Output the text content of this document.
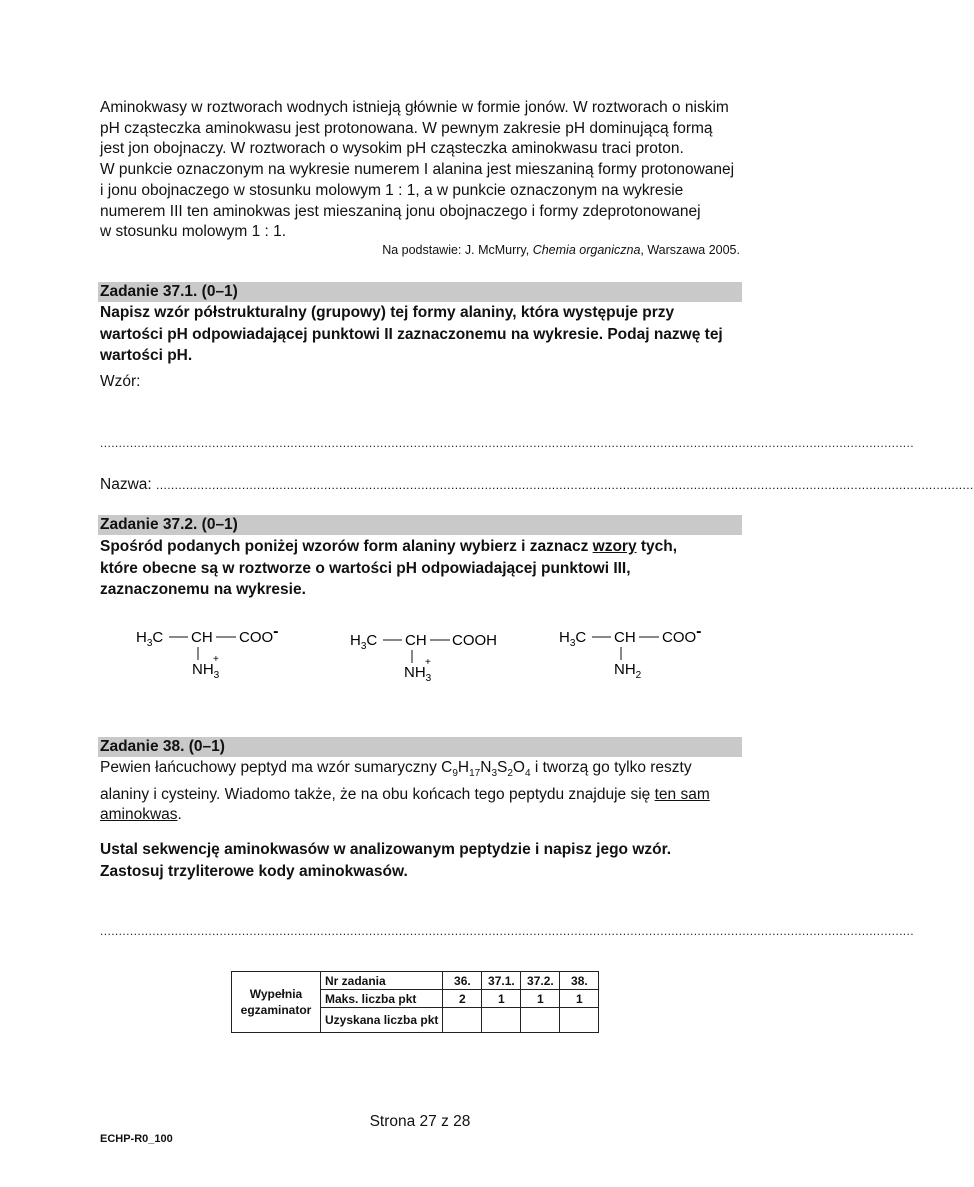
Aminokwasy w roztworach wodnych istnieją głównie w formie jonów. W roztworach o niskim

pH cząsteczka aminokwasu jest protonowana. W pewnym zakresie pH dominującą formą

jest jon obojnaczy. W roztworach o wysokim pH cząsteczka aminokwasu traci proton.

W punkcie oznaczonym na wykresie numerem I alanina jest mieszaniną formy protonowanej

i jonu obojnaczego w stosunku molowym 1 : 1, a w punkcie oznaczonym na wykresie

numerem III ten aminokwas jest mieszaniną jonu obojnaczego i formy zdeprotonowanej

w stosunku molowym 1 : 1.

Na podstawie: J. McMurry, Chemia organiczna, Warszawa 2005.
Zadanie 37.1. (0–1)
Napisz wzór półstrukturalny (grupowy) tej formy alaniny, która występuje przy
wartości pH odpowiadającej punktowi II zaznaczonemu na wykresie. Podaj nazwę tej
wartości pH.
Wzór:
..........................................................................................................................................................................................................................
Nazwa: ...........................................................................................................................................................................................................................
Zadanie 37.2. (0–1)
Spośród podanych poniżej wzorów form alaniny wybierz i zaznacz wzory tych,
które obecne są w roztworze o wartości pH odpowiadającej punktowi III,
zaznaczonemu na wykresie.
$H_3C$ CH COO-
$NH_3$
+
$H_3C$ CH COOH
$NH_3$
+
$H_3C$ CH COO-
$NH_2$
Zadanie 38. (0–1)
Pewien łańcuchowy peptyd ma wzór sumaryczny $C_9H_{17}N_3S_2O_4$ i tworzą go tylko reszty
alaniny i cysteiny. Wiadomo także, że na obu końcach tego peptydu znajduje się ten sam
aminokwas.
Ustal sekwencję aminokwasów w analizowanym peptydzie i napisz jego wzór.
Zastosuj trzyliterowe kody aminokwasów.
..........................................................................................................................................................................................................................
Wypełnia
egzaminator	Nr zadania	36.	37.1.	37.2.	38.
	Maks. liczba pkt	2	1	1	1
	Uzyskana liczba pkt				
Strona 27 z 28
ECHP-R0_100
